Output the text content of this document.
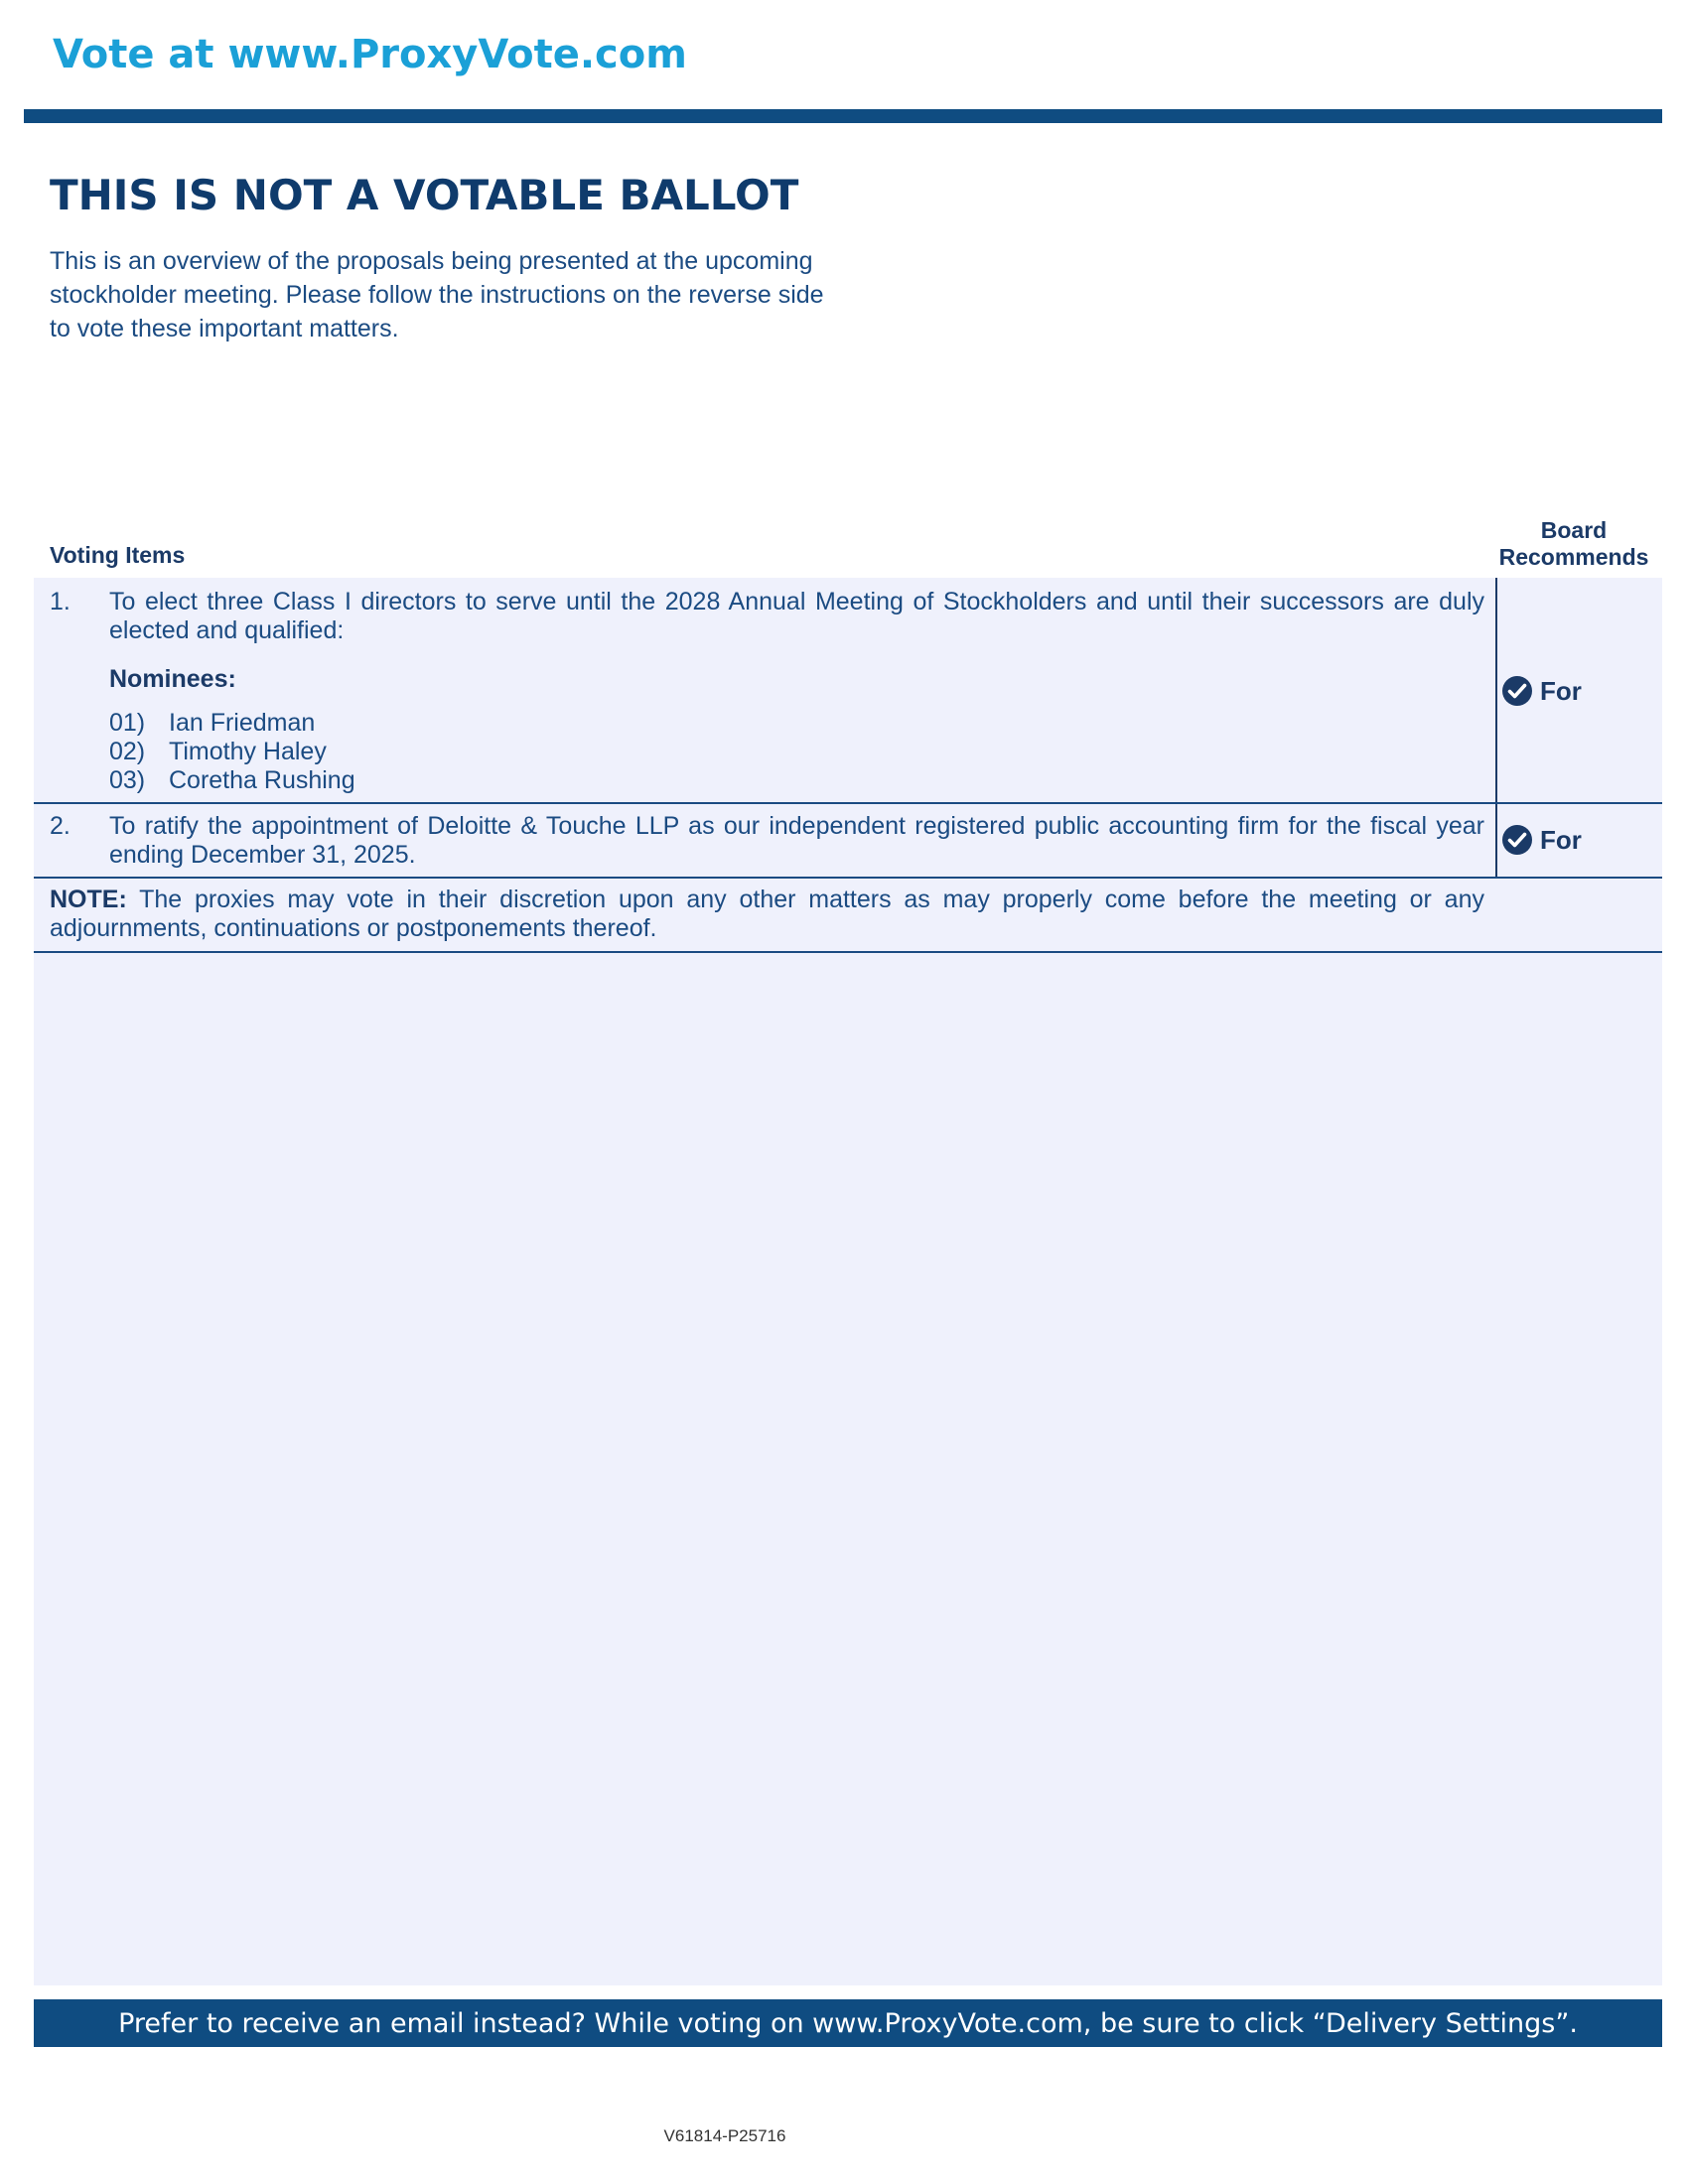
Vote at www.ProxyVote.com
THIS IS NOT A VOTABLE BALLOT
This is an overview of the proposals being presented at the upcoming stockholder meeting. Please follow the instructions on the reverse side to vote these important matters.
Voting Items
Board
Recommends
1. To elect three Class I directors to serve until the 2028 Annual Meeting of Stockholders and until their successors are duly elected and qualified:
Nominees:
01) Ian Friedman
02) Timothy Haley
03) Coretha Rushing
For
2. To ratify the appointment of Deloitte & Touche LLP as our independent registered public accounting firm for the fiscal year ending December 31, 2025.
For
NOTE: The proxies may vote in their discretion upon any other matters as may properly come before the meeting or any adjournments, continuations or postponements thereof.
Prefer to receive an email instead? While voting on www.ProxyVote.com, be sure to click “Delivery Settings”.
V61814-P25716
